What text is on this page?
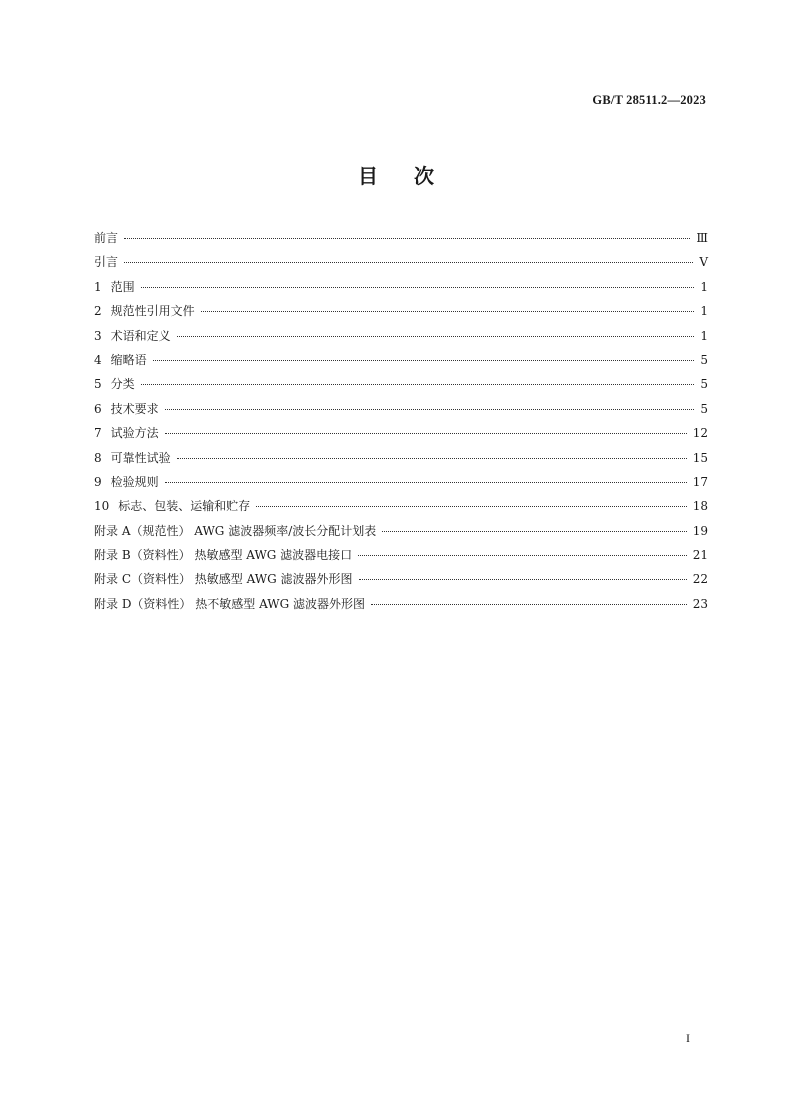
GB/T 28511.2—2023
目次
前言	Ⅲ
引言	Ⅴ
1 范围	1
2 规范性引用文件	1
3 术语和定义	1
4 缩略语	5
5 分类	5
6 技术要求	5
7 试验方法	12
8 可靠性试验	15
9 检验规则	17
10 标志、包装、运输和贮存	18
附录 A（规范性） AWG 滤波器频率/波长分配计划表	19
附录 B（资料性） 热敏感型 AWG 滤波器电接口	21
附录 C（资料性） 热敏感型 AWG 滤波器外形图	22
附录 D（资料性） 热不敏感型 AWG 滤波器外形图	23
I
